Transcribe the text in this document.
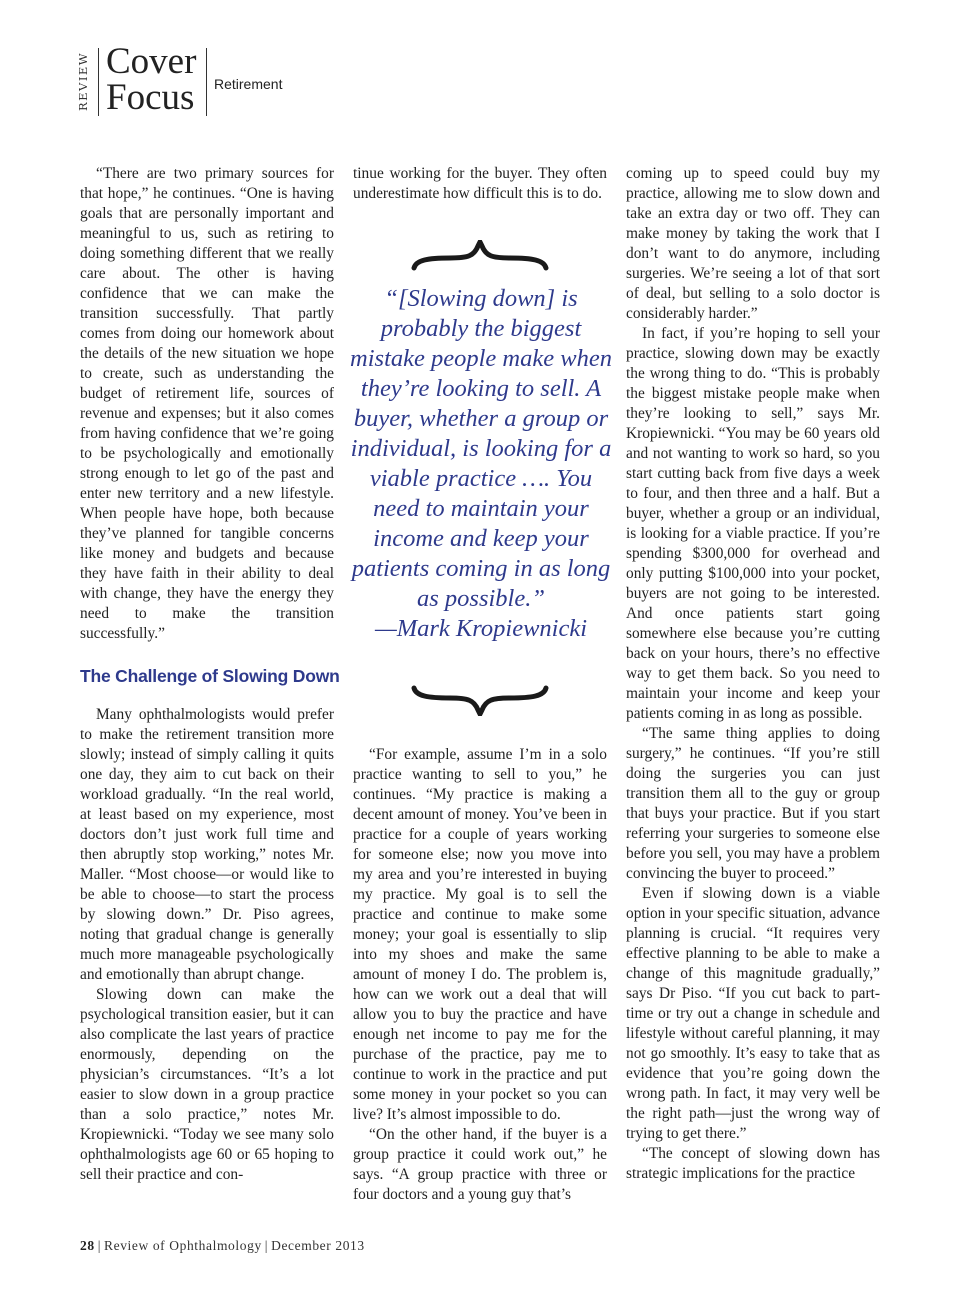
REVIEW Cover
Focus Retirement

“There are two primary sources for that hope,” he continues. “One is having goals that are personally important and meaningful to us, such as retiring to doing something different that we really care about. The other is having confidence that we can make the transition successfully. That partly comes from doing our homework about the details of the new situation we hope to create, such as understanding the budget of retirement life, sources of revenue and expenses; but it also comes from having confidence that we’re going to be psychologically and emotionally strong enough to let go of the past and enter new territory and a new lifestyle. When people have hope, both because they’ve planned for tangible concerns like money and budgets and because they have faith in their ability to deal with change, they have the energy they need to make the transition successfully.”

The Challenge of Slowing Down

Many ophthalmologists would prefer to make the retirement transition more slowly; instead of simply calling it quits one day, they aim to cut back on their workload gradually. “In the real world, at least based on my experience, most doctors don’t just work full time and then abruptly stop working,” notes Mr. Maller. “Most choose—or would like to be able to choose—to start the process by slowing down.” Dr. Piso agrees, noting that gradual change is generally much more manageable psychologically and emotionally than abrupt change.

Slowing down can make the psychological transition easier, but it can also complicate the last years of practice enormously, depending on the physician’s circumstances. “It’s a lot easier to slow down in a group practice than a solo practice,” notes Mr. Kropiewnicki. “Today we see many solo ophthalmologists age 60 or 65 hoping to sell their practice and con-

tinue working for the buyer. They often underestimate how difficult this is to do.

“[Slowing down] is probably the biggest mistake people make when they’re looking to sell. A buyer, whether a group or individual, is looking for a viable practice …. You need to maintain your income and keep your patients coming in as long as possible.”
—Mark Kropiewnicki

“For example, assume I’m in a solo practice wanting to sell to you,” he continues. “My practice is making a decent amount of money. You’ve been in practice for a couple of years working for someone else; now you move into my area and you’re interested in buying my practice. My goal is to sell the practice and continue to make some money; your goal is essentially to slip into my shoes and make the same amount of money I do. The problem is, how can we work out a deal that will allow you to buy the practice and have enough net income to pay me for the purchase of the practice, pay me to continue to work in the practice and put some money in your pocket so you can live? It’s almost impossible to do.

“On the other hand, if the buyer is a group practice it could work out,” he says. “A group practice with three or four doctors and a young guy that’s

coming up to speed could buy my practice, allowing me to slow down and take an extra day or two off. They can make money by taking the work that I don’t want to do anymore, including surgeries. We’re seeing a lot of that sort of deal, but selling to a solo doctor is considerably harder.”

In fact, if you’re hoping to sell your practice, slowing down may be exactly the wrong thing to do. “This is probably the biggest mistake people make when they’re looking to sell,” says Mr. Kropiewnicki. “You may be 60 years old and not wanting to work so hard, so you start cutting back from five days a week to four, and then three and a half. But a buyer, whether a group or an individual, is looking for a viable practice. If you’re spending $300,000 for overhead and only putting $100,000 into your pocket, buyers are not going to be interested. And once patients start going somewhere else because you’re cutting back on your hours, there’s no effective way to get them back. So you need to maintain your income and keep your patients coming in as long as possible.

“The same thing applies to doing surgery,” he continues. “If you’re still doing the surgeries you can just transition them all to the guy or group that buys your practice. But if you start referring your surgeries to someone else before you sell, you may have a problem convincing the buyer to proceed.”

Even if slowing down is a viable option in your specific situation, advance planning is crucial. “It requires very effective planning to be able to make a change of this magnitude gradually,” says Dr Piso. “If you cut back to part-time or try out a change in schedule and lifestyle without careful planning, it may not go smoothly. It’s easy to take that as evidence that you’re going down the wrong path. In fact, it may very well be the right path—just the wrong way of trying to get there.”

“The concept of slowing down has strategic implications for the practice

28 | Review of Ophthalmology | December 2013
